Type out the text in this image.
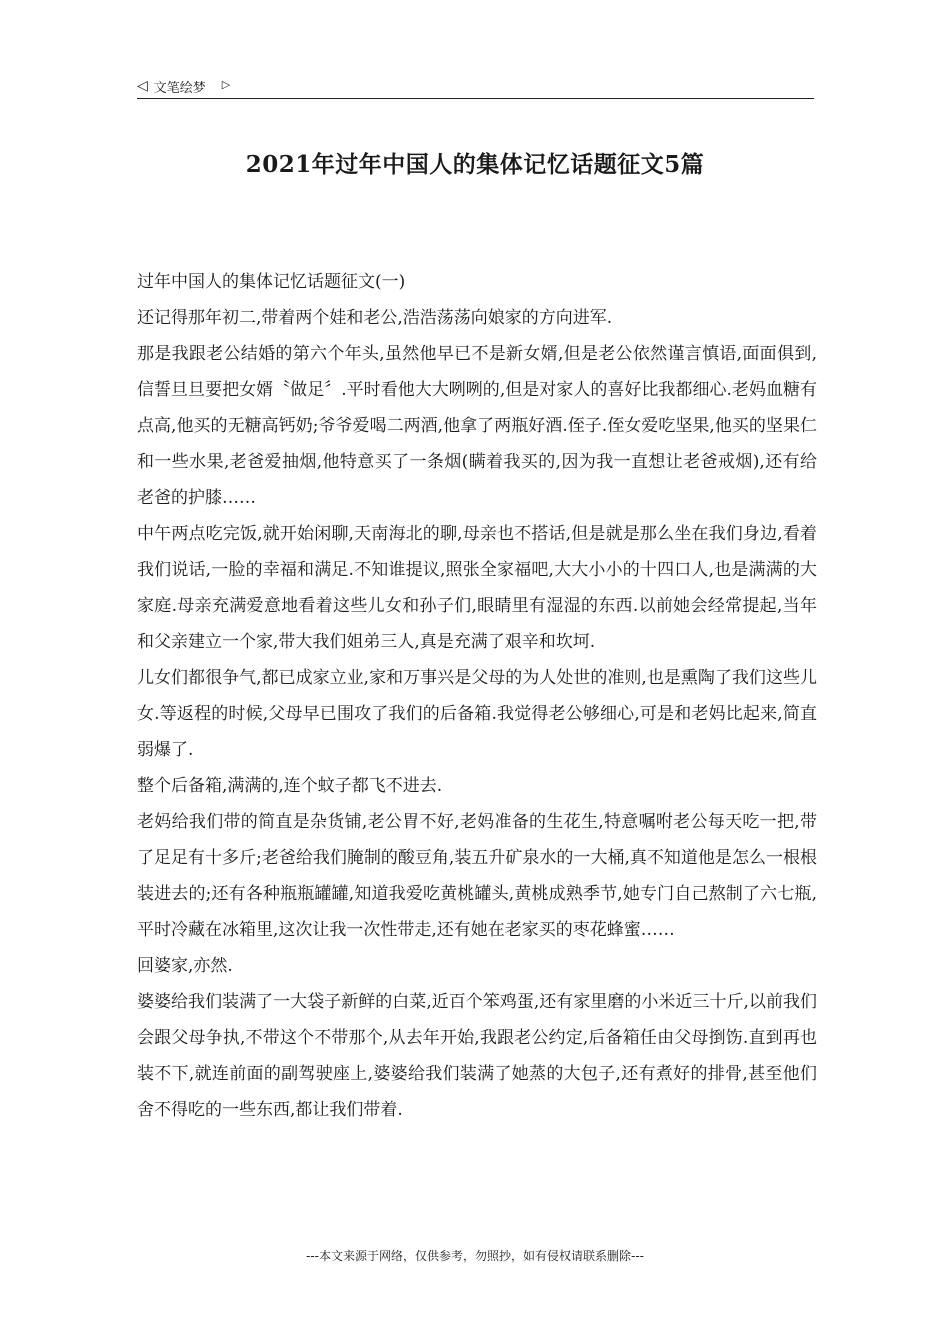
◁ 文笔绘梦 ▷
2021年过年中国人的集体记忆话题征文5篇

过年中国人的集体记忆话题征文(一)

还记得那年初二,带着两个娃和老公,浩浩荡荡向娘家的方向进军.

那是我跟老公结婚的第六个年头,虽然他早已不是新女婿,但是老公依然谨言慎语,面面俱到,信誓旦旦要把女婿〝做足〞.平时看他大大咧咧的,但是对家人的喜好比我都细心.老妈血糖有点高,他买的无糖高钙奶;爷爷爱喝二两酒,他拿了两瓶好酒.侄子.侄女爱吃坚果,他买的坚果仁和一些水果,老爸爱抽烟,他特意买了一条烟(瞒着我买的,因为我一直想让老爸戒烟),还有给老爸的护膝……

中午两点吃完饭,就开始闲聊,天南海北的聊,母亲也不搭话,但是就是那么坐在我们身边,看着我们说话,一脸的幸福和满足.不知谁提议,照张全家福吧,大大小小的十四口人,也是满满的大家庭.母亲充满爱意地看着这些儿女和孙子们,眼睛里有湿湿的东西.以前她会经常提起,当年和父亲建立一个家,带大我们姐弟三人,真是充满了艰辛和坎坷.

儿女们都很争气,都已成家立业,家和万事兴是父母的为人处世的准则,也是熏陶了我们这些儿女.等返程的时候,父母早已围攻了我们的后备箱.我觉得老公够细心,可是和老妈比起来,简直弱爆了.

整个后备箱,满满的,连个蚊子都飞不进去.

老妈给我们带的简直是杂货铺,老公胃不好,老妈准备的生花生,特意嘱咐老公每天吃一把,带了足足有十多斤;老爸给我们腌制的酸豆角,装五升矿泉水的一大桶,真不知道他是怎么一根根装进去的;还有各种瓶瓶罐罐,知道我爱吃黄桃罐头,黄桃成熟季节,她专门自己熬制了六七瓶,平时冷藏在冰箱里,这次让我一次性带走,还有她在老家买的枣花蜂蜜……

回婆家,亦然.

婆婆给我们装满了一大袋子新鲜的白菜,近百个笨鸡蛋,还有家里磨的小米近三十斤,以前我们会跟父母争执,不带这个不带那个,从去年开始,我跟老公约定,后备箱任由父母捯饬.直到再也装不下,就连前面的副驾驶座上,婆婆给我们装满了她蒸的大包子,还有煮好的排骨,甚至他们舍不得吃的一些东西,都让我们带着.

---本文来源于网络，仅供参考，勿照抄，如有侵权请联系删除---
